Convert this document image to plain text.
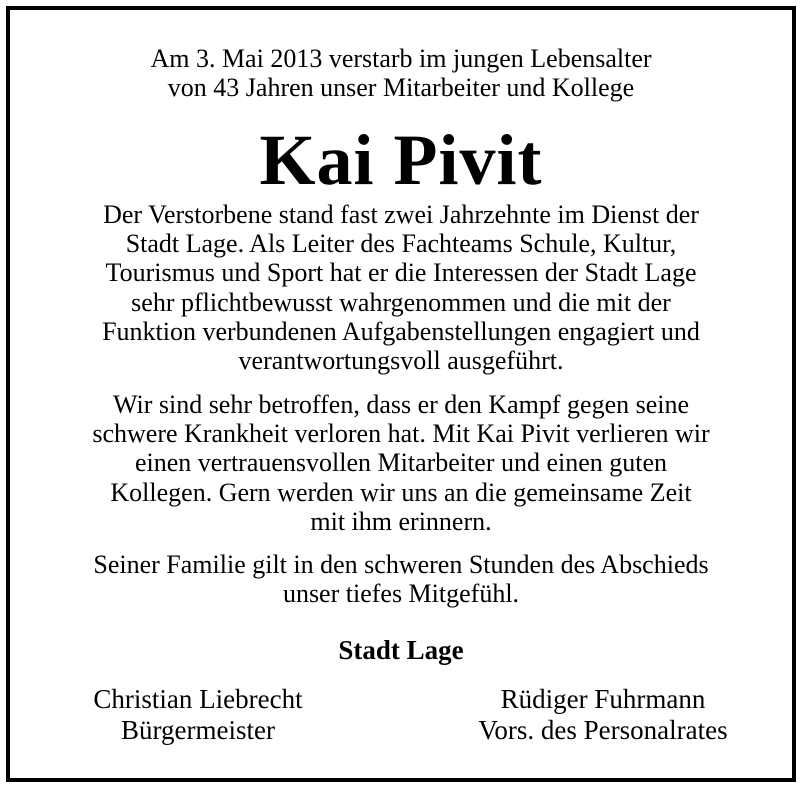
Am 3. Mai 2013 verstarb im jungen Lebensalter
von 43 Jahren unser Mitarbeiter und Kollege
Kai Pivit
Der Verstorbene stand fast zwei Jahrzehnte im Dienst der
Stadt Lage. Als Leiter des Fachteams Schule, Kultur,
Tourismus und Sport hat er die Interessen der Stadt Lage
sehr pflichtbewusst wahrgenommen und die mit der
Funktion verbundenen Aufgabenstellungen engagiert und
verantwortungsvoll ausgeführt.
Wir sind sehr betroffen, dass er den Kampf gegen seine
schwere Krankheit verloren hat. Mit Kai Pivit verlieren wir
einen vertrauensvollen Mitarbeiter und einen guten
Kollegen. Gern werden wir uns an die gemeinsame Zeit
mit ihm erinnern.
Seiner Familie gilt in den schweren Stunden des Abschieds
unser tiefes Mitgefühl.
Stadt Lage
Christian Liebrecht
Bürgermeister
Rüdiger Fuhrmann
Vors. des Personalrates
